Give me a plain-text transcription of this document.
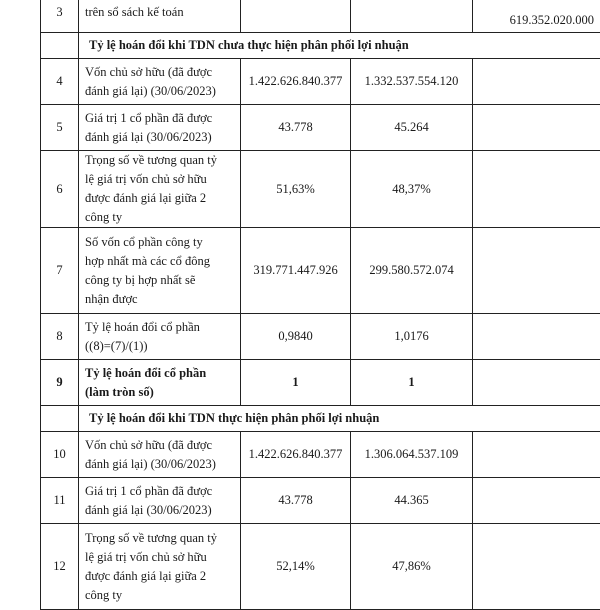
3	trên sổ sách kế toán			619.352.020.000
	Tỷ lệ hoán đổi khi TDN chưa thực hiện phân phối lợi nhuận			
4	Vốn chủ sở hữu (đã được
đánh giá lại) (30/06/2023)	1.422.626.840.377	1.332.537.554.120	
5	Giá trị 1 cổ phần đã được
đánh giá lại (30/06/2023)	43.778	45.264	
6	Trọng số về tương quan tỷ
lệ giá trị vốn chủ sở hữu
được đánh giá lại giữa 2
công ty	51,63%	48,37%	
7	Số vốn cổ phần công ty
hợp nhất mà các cổ đông
công ty bị hợp nhất sẽ
nhận được	319.771.447.926	299.580.572.074	
8	Tỷ lệ hoán đổi cổ phần
((8)=(7)/(1))	0,9840	1,0176	
9	Tỷ lệ hoán đổi cổ phần
(làm tròn số)	1	1	
	Tỷ lệ hoán đổi khi TDN thực hiện phân phối lợi nhuận			
10	Vốn chủ sở hữu (đã được
đánh giá lại) (30/06/2023)	1.422.626.840.377	1.306.064.537.109	
11	Giá trị 1 cổ phần đã được
đánh giá lại (30/06/2023)	43.778	44.365	
12	Trọng số về tương quan tỷ
lệ giá trị vốn chủ sở hữu
được đánh giá lại giữa 2
công ty	52,14%	47,86%	
